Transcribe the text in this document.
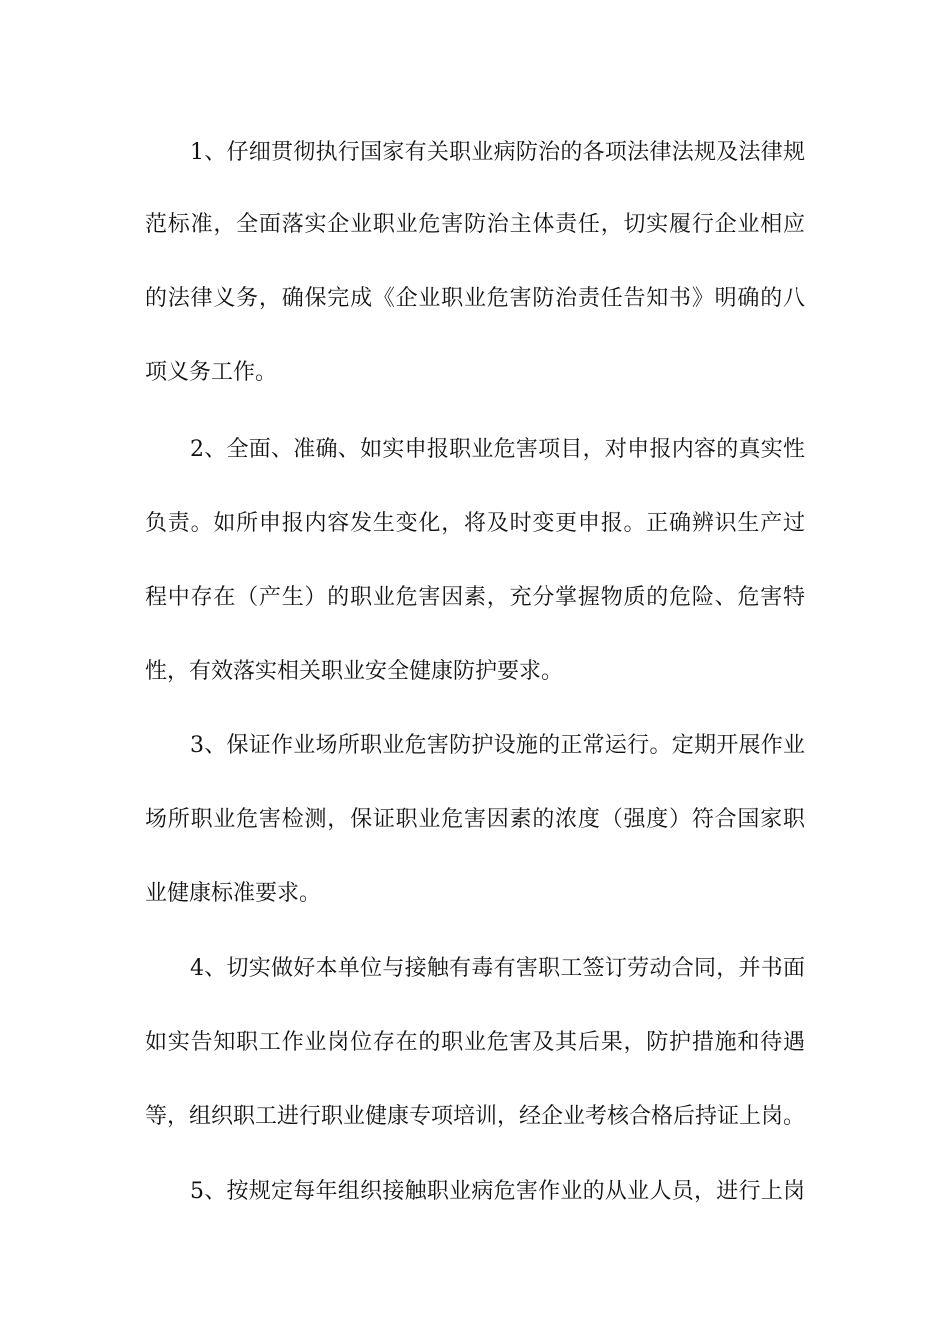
1、仔细贯彻执行国家有关职业病防治的各项法律法规及法律规
范标准，全面落实企业职业危害防治主体责任，切实履行企业相应
的法律义务，确保完成《企业职业危害防治责任告知书》明确的八
项义务工作。
2、全面、准确、如实申报职业危害项目，对申报内容的真实性
负责。如所申报内容发生变化，将及时变更申报。正确辨识生产过
程中存在（产生）的职业危害因素，充分掌握物质的危险、危害特
性，有效落实相关职业安全健康防护要求。
3、保证作业场所职业危害防护设施的正常运行。定期开展作业
场所职业危害检测，保证职业危害因素的浓度（强度）符合国家职
业健康标准要求。
4、切实做好本单位与接触有毒有害职工签订劳动合同，并书面
如实告知职工作业岗位存在的职业危害及其后果，防护措施和待遇
等，组织职工进行职业健康专项培训，经企业考核合格后持证上岗。
5、按规定每年组织接触职业病危害作业的从业人员，进行上岗
